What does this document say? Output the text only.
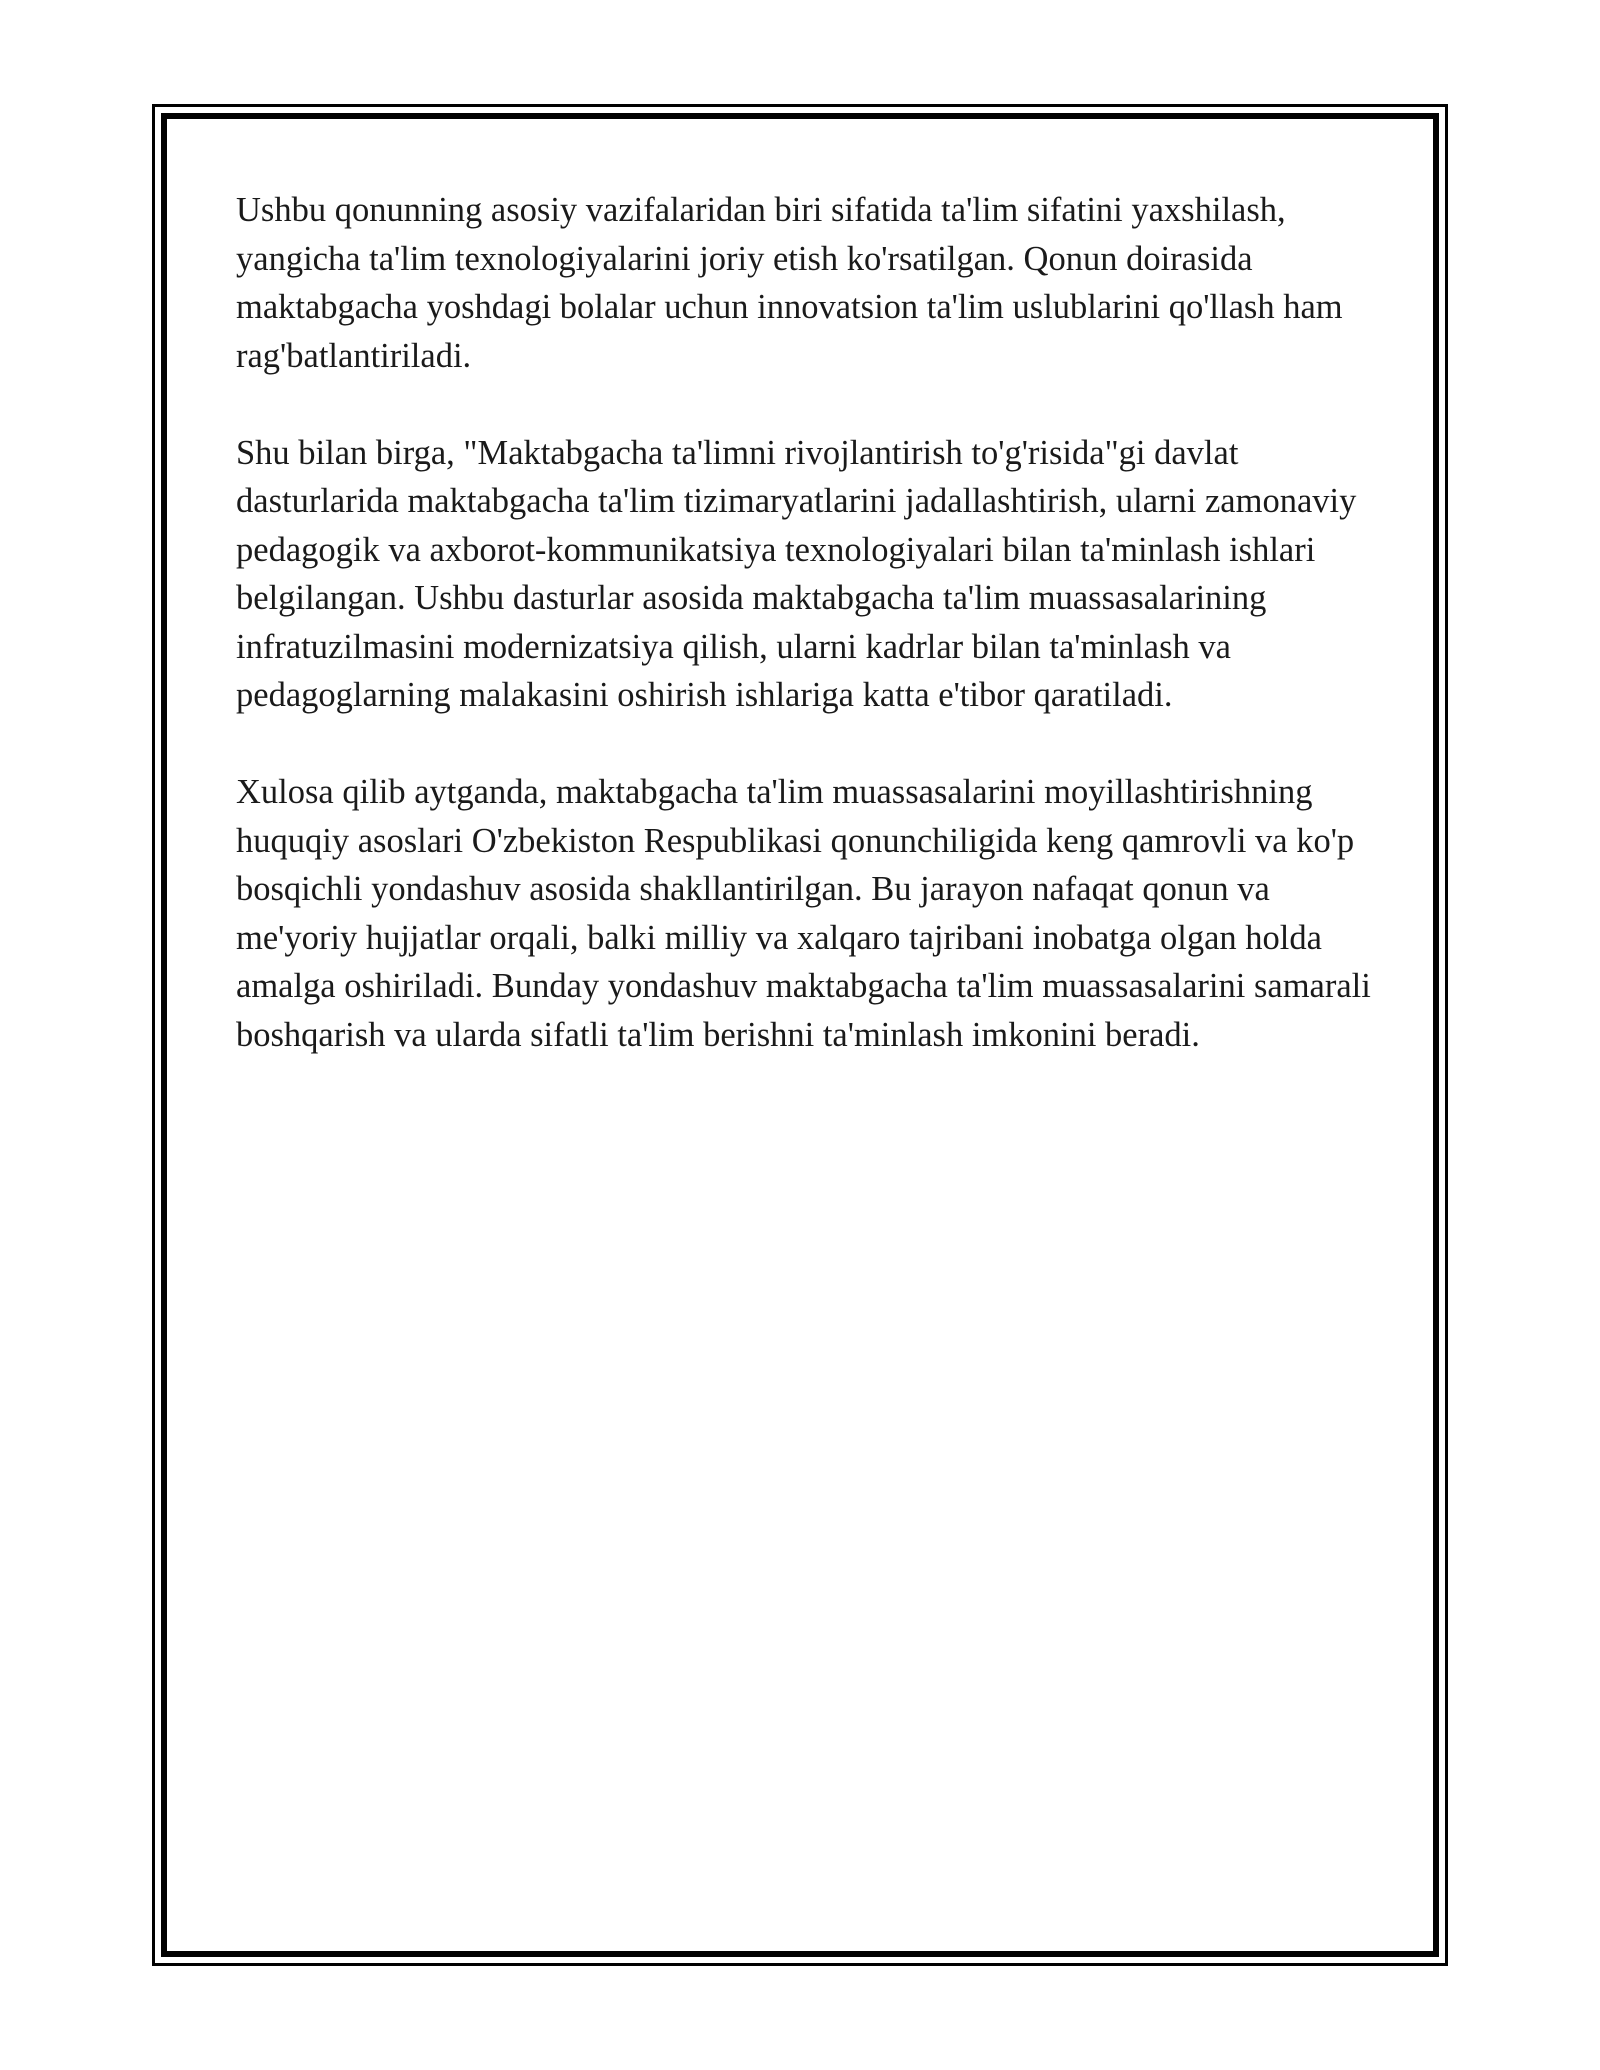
Ushbu qonunning asosiy vazifalaridan biri sifatida ta'lim sifatini yaxshilash, yangicha ta'lim texnologiyalarini joriy etish ko'rsatilgan. Qonun doirasida maktabgacha yoshdagi bolalar uchun innovatsion ta'lim uslublarini qo'llash ham rag'batlantiriladi.

Shu bilan birga, "Maktabgacha ta'limni rivojlantirish to'g'risida"gi davlat dasturlarida maktabgacha ta'lim tizimaryatlarini jadallashtirish, ularni zamonaviy pedagogik va axborot-kommunikatsiya texnologiyalari bilan ta'minlash ishlari belgilangan. Ushbu dasturlar asosida maktabgacha ta'lim muassasalarining infratuzilmasini modernizatsiya qilish, ularni kadrlar bilan ta'minlash va pedagoglarning malakasini oshirish ishlariga katta e'tibor qaratiladi.

Xulosa qilib aytganda, maktabgacha ta'lim muassasalarini moyillashtirishning huquqiy asoslari O'zbekiston Respublikasi qonunchiligida keng qamrovli va ko'p bosqichli yondashuv asosida shakllantirilgan. Bu jarayon nafaqat qonun va me'yoriy hujjatlar orqali, balki milliy va xalqaro tajribani inobatga olgan holda amalga oshiriladi. Bunday yondashuv maktabgacha ta'lim muassasalarini samarali boshqarish va ularda sifatli ta'lim berishni ta'minlash imkonini beradi.
